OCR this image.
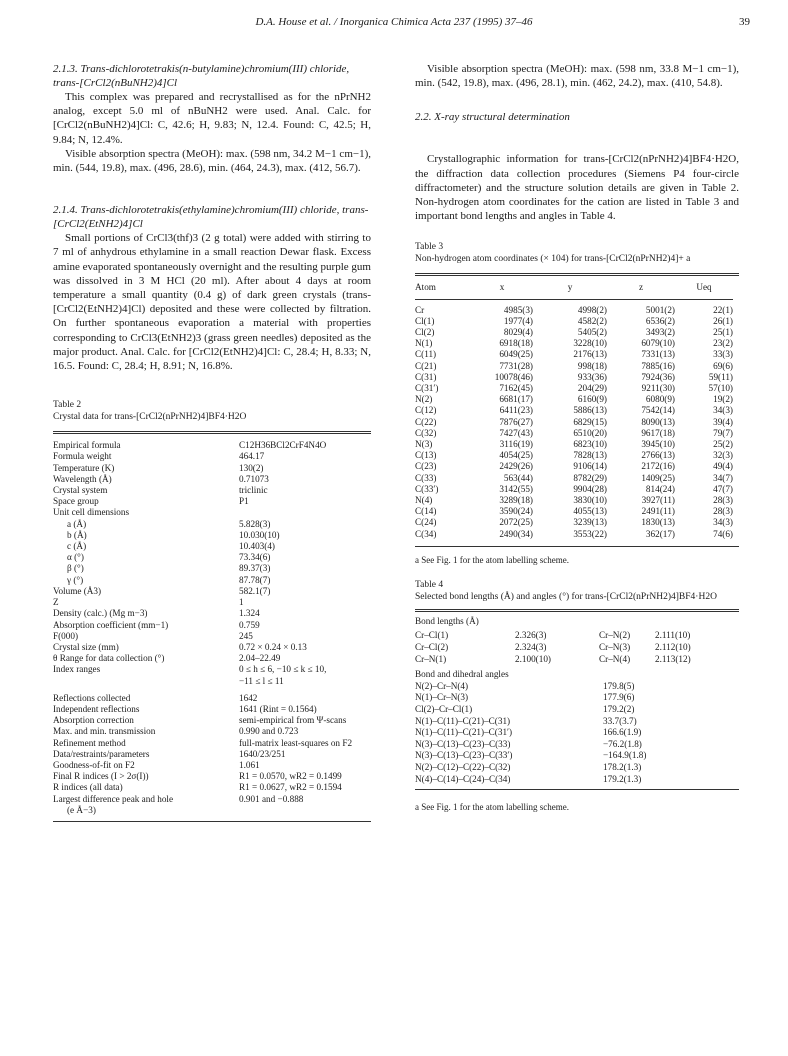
D.A. House et al. / Inorganica Chimica Acta 237 (1995) 37–46	39

2.1.3. Trans-dichlorotetrakis(n-butylamine)chromium(III) chloride, trans-[CrCl2(nBuNH2)4]Cl

This complex was prepared and recrystallised as for the nPrNH2 analog, except 5.0 ml of nBuNH2 were used. Anal. Calc. for [CrCl2(nBuNH2)4]Cl: C, 42.6; H, 9.83; N, 12.4. Found: C, 42.5; H, 9.84; N, 12.4%.

Visible absorption spectra (MeOH): max. (598 nm, 34.2 M−1 cm−1), min. (544, 19.8), max. (496, 28.6), min. (464, 24.3), max. (412, 56.7).

2.1.4. Trans-dichlorotetrakis(ethylamine)chromium(III) chloride, trans-[CrCl2(EtNH2)4]Cl

Small portions of CrCl3(thf)3 (2 g total) were added with stirring to 7 ml of anhydrous ethylamine in a small reaction Dewar flask. Excess amine evaporated spontaneously overnight and the resulting purple gum was dissolved in 3 M HCl (20 ml). After about 4 days at room temperature a small quantity (0.4 g) of dark green crystals (trans-[CrCl2(EtNH2)4]Cl) deposited and these were collected by filtration. On further spontaneous evaporation a material with properties corresponding to CrCl3(EtNH2)3 (grass green needles) deposited as the major product. Anal. Calc. for [CrCl2(EtNH2)4]Cl: C, 28.4; H, 8.33; N, 16.5. Found: C, 28.4; H, 8.91; N, 16.8%.

Table 2

Crystal data for trans-[CrCl2(nPrNH2)4]BF4·H2O

Empirical formula	C12H36BCl2CrF4N4O
Formula weight	464.17
Temperature (K)	130(2)
Wavelength (Å)	0.71073
Crystal system	triclinic
Space group	P1
Unit cell dimensions	
a (Å)	5.828(3)
b (Å)	10.030(10)
c (Å)	10.403(4)
α (°)	73.34(6)
β (°)	89.37(3)
γ (°)	87.78(7)
Volume (Å3)	582.1(7)
Z	1
Density (calc.) (Mg m−3)	1.324
Absorption coefficient (mm−1)	0.759
F(000)	245
Crystal size (mm)	0.72 × 0.24 × 0.13
θ Range for data collection (°)	2.04–22.49
Index ranges	0 ≤ h ≤ 6, −10 ≤ k ≤ 10,
	−11 ≤ l ≤ 11
Reflections collected	1642
Independent reflections	1641 (Rint = 0.1564)
Absorption correction	semi-empirical from Ψ-scans
Max. and min. transmission	0.990 and 0.723
Refinement method	full-matrix least-squares on F2
Data/restraints/parameters	1640/23/251
Goodness-of-fit on F2	1.061
Final R indices (I > 2σ(I))	R1 = 0.0570, wR2 = 0.1499
R indices (all data)	R1 = 0.0627, wR2 = 0.1594
Largest difference peak and hole	0.901 and −0.888
(e Å−3)	

Visible absorption spectra (MeOH): max. (598 nm, 33.8 M−1 cm−1), min. (542, 19.8), max. (496, 28.1), min. (462, 24.2), max. (410, 54.8).

2.2. X-ray structural determination

Crystallographic information for trans-[CrCl2(nPrNH2)4]BF4·H2O, the diffraction data collection procedures (Siemens P4 four-circle diffractometer) and the structure solution details are given in Table 2. Non-hydrogen atom coordinates for the cation are listed in Table 3 and important bond lengths and angles in Table 4.

Table 3

Non-hydrogen atom coordinates (× 104) for trans-[CrCl2(nPrNH2)4]+ a

Atom	x	y	z	Ueq

Cr	4985(3)	4998(2)	5001(2)	22(1)
Cl(1)	1977(4)	4582(2)	6536(2)	26(1)
Cl(2)	8029(4)	5405(2)	3493(2)	25(1)
N(1)	6918(18)	3228(10)	6079(10)	23(2)
C(11)	6049(25)	2176(13)	7331(13)	33(3)
C(21)	7731(28)	998(18)	7885(16)	69(6)
C(31)	10078(46)	933(36)	7924(36)	59(11)
C(31′)	7162(45)	204(29)	9211(30)	57(10)
N(2)	6681(17)	6160(9)	6080(9)	19(2)
C(12)	6411(23)	5886(13)	7542(14)	34(3)
C(22)	7876(27)	6829(15)	8090(13)	39(4)
C(32)	7427(43)	6510(20)	9617(18)	79(7)
N(3)	3116(19)	6823(10)	3945(10)	25(2)
C(13)	4054(25)	7828(13)	2766(13)	32(3)
C(23)	2429(26)	9106(14)	2172(16)	49(4)
C(33)	563(44)	8782(29)	1409(25)	34(7)
C(33′)	3142(55)	9904(28)	814(24)	47(7)
N(4)	3289(18)	3830(10)	3927(11)	28(3)
C(14)	3590(24)	4055(13)	2491(11)	28(3)
C(24)	2072(25)	3239(13)	1830(13)	34(3)
C(34)	2490(34)	3553(22)	362(17)	74(6)

a See Fig. 1 for the atom labelling scheme.

Table 4

Selected bond lengths (Å) and angles (°) for trans-[CrCl2(nPrNH2)4]BF4·H2O

Bond lengths (Å)			
Cr–Cl(1)	2.326(3)	Cr–N(2)	2.111(10)
Cr–Cl(2)	2.324(3)	Cr–N(3)	2.112(10)
Cr–N(1)	2.100(10)	Cr–N(4)	2.113(12)
Bond and dihedral angles			
N(2)–Cr–N(4)		179.8(5)	
N(1)–Cr–N(3)		177.9(6)	
Cl(2)–Cr–Cl(1)		179.2(2)	
N(1)–C(11)–C(21)–C(31)		33.7(3.7)	
N(1)–C(11)–C(21)–C(31′)		166.6(1.9)	
N(3)–C(13)–C(23)–C(33)		−76.2(1.8)	
N(3)–C(13)–C(23)–C(33′)		−164.9(1.8)	
N(2)–C(12)–C(22)–C(32)		178.2(1.3)	
N(4)–C(14)–C(24)–C(34)		179.2(1.3)	

a See Fig. 1 for the atom labelling scheme.
